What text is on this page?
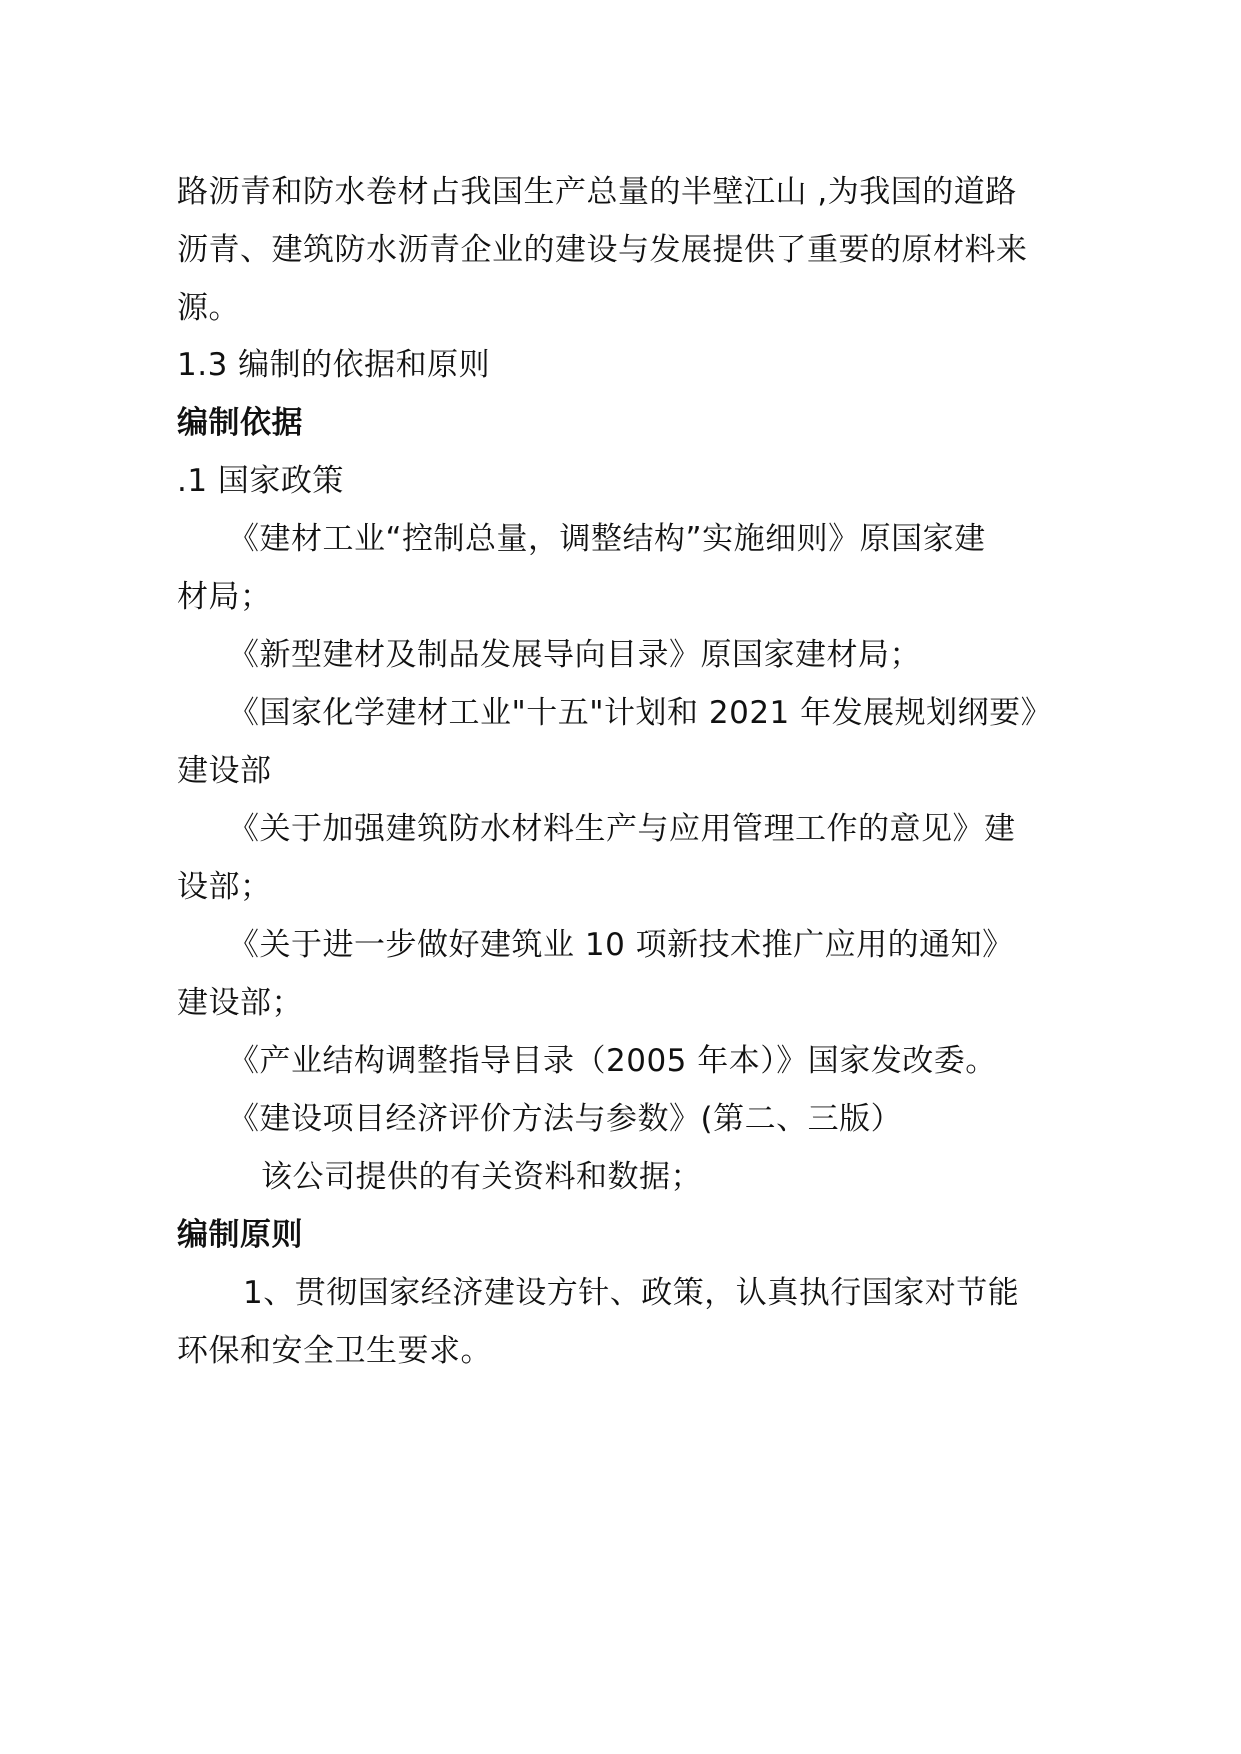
路沥青和防水卷材占我国生产总量的半壁江山 ,为我国的道路
沥青、建筑防水沥青企业的建设与发展提供了重要的原材料来
源。
1.3 编制的依据和原则
编制依据
.1 国家政策
《建材工业“控制总量，调整结构”实施细则》原国家建
材局；
《新型建材及制品发展导向目录》原国家建材局；
《国家化学建材工业"十五"计划和 2021 年发展规划纲要》
建设部
《关于加强建筑防水材料生产与应用管理工作的意见》建
设部；
《关于进一步做好建筑业 10 项新技术推广应用的通知》
建设部；
《产业结构调整指导目录（2005 年本）》国家发改委。
《建设项目经济评价方法与参数》(第二、三版）
该公司提供的有关资料和数据；
编制原则
1、贯彻国家经济建设方针、政策，认真执行国家对节能
环保和安全卫生要求。
